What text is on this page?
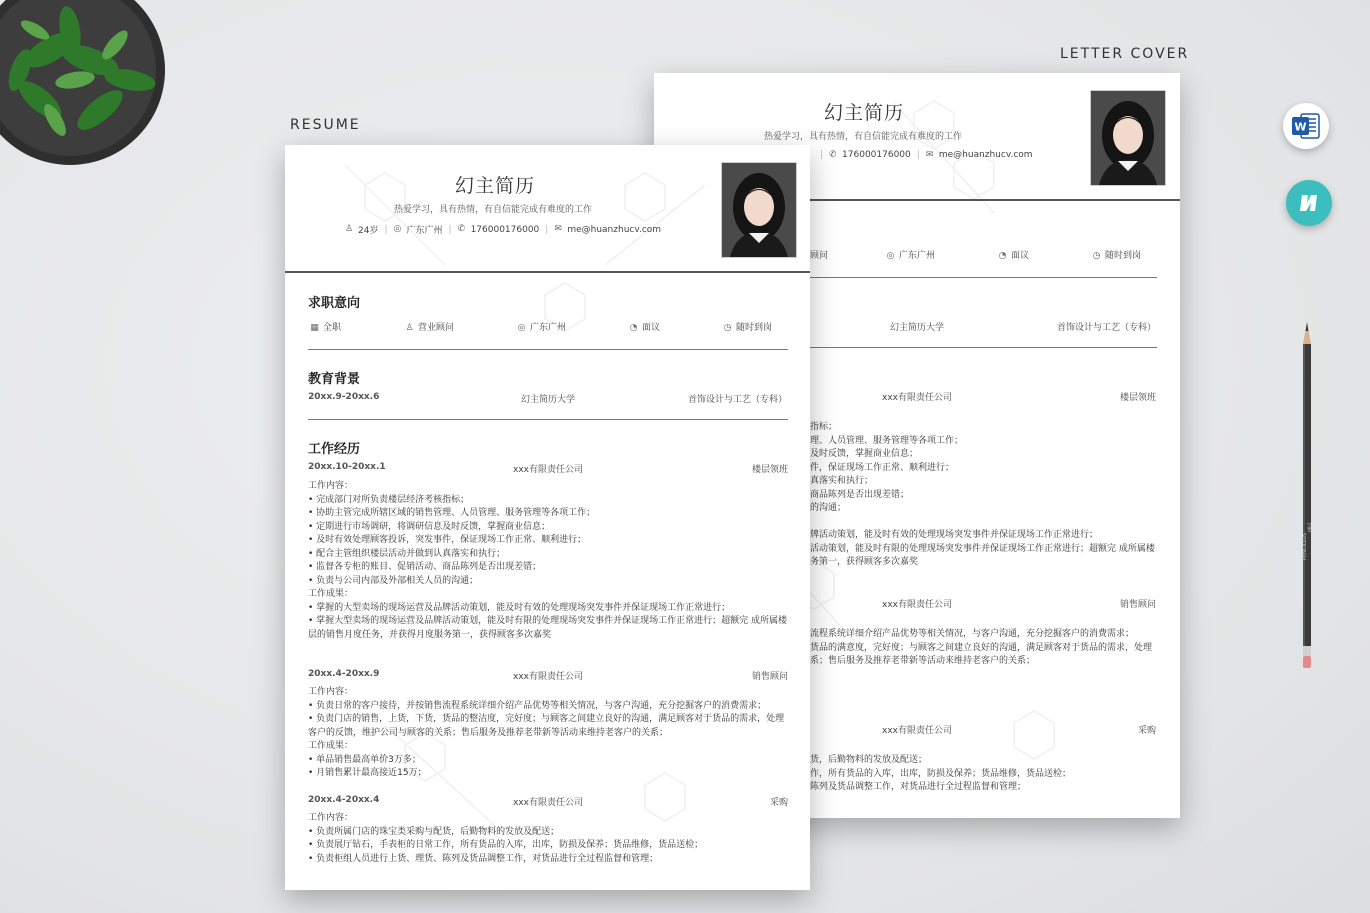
LETTER COVER
RESUME	W
PENCILLUS
HB·2
幻主简历
热爱学习，具有热情，有自信能完成有难度的工作
| ✆ 176000176000 | ✉ me@huanzhucv.com
顾问	◎ 广东广州	◔ 面议	◷ 随时到岗
幻主简历大学	首饰设计与工艺（专科）
xxx有限责任公司	楼层领班

指标；

理、人员管理、服务管理等各项工作；

及时反馈，掌握商业信息；

件，保证现场工作正常、顺利进行；

真落实和执行；

商品陈列是否出现差错；

的沟通；

牌活动策划，能及时有效的处理现场突发事件并保证现场工作正常进行；

活动策划，能及时有限的处理现场突发事件并保证现场工作正常进行；超额完 成所属楼

务第一，获得顾客多次嘉奖

xxx有限责任公司	销售顾问

流程系统详细介绍产品优势等相关情况，与客户沟通，充分挖掘客户的消费需求；

货品的满意度，完好度；与顾客之间建立良好的沟通，满足顾客对于货品的需求，处理

系；售后服务及推荐老带新等活动来维持老客户的关系；

xxx有限责任公司	采购

货，后勤物料的发放及配送；

作，所有货品的入库，出库，防损及保养；货品维修，货品送检；

陈列及货品调整工作，对货品进行全过程监督和管理；

幻主简历
热爱学习，具有热情，有自信能完成有难度的工作
♙ 24岁 | ◎ 广东广州 | ✆ 176000176000 | ✉ me@huanzhucv.com
求职意向
▦ 全职	♙ 营业顾问	◎ 广东广州	◔ 面议	◷ 随时到岗
教育背景
20xx.9-20xx.6	幻主简历大学	首饰设计与工艺（专科）
工作经历
20xx.10-20xx.1	xxx有限责任公司	楼层领班

工作内容：

• 完成部门对所负责楼层经济考核指标；

• 协助主管完成所辖区域的销售管理、人员管理、服务管理等各项工作；

• 定期进行市场调研，将调研信息及时反馈，掌握商业信息；

• 及时有效处理顾客投诉，突发事件，保证现场工作正常、顺利进行；

• 配合主管组织楼层活动并做到认真落实和执行；

• 监督各专柜的账目、促销活动、商品陈列是否出现差错；

• 负责与公司内部及外部相关人员的沟通；

工作成果：

• 掌握的大型卖场的现场运营及品牌活动策划，能及时有效的处理现场突发事件并保证现场工作正常进行；

• 掌握大型卖场的现场运营及品牌活动策划，能及时有限的处理现场突发事件并保证现场工作正常进行；超额完 成所属楼层的销售月度任务，并获得月度服务第一，获得顾客多次嘉奖

20xx.4-20xx.9	xxx有限责任公司	销售顾问

工作内容：

• 负责日常的客户接待，并按销售流程系统详细介绍产品优势等相关情况，与客户沟通，充分挖掘客户的消费需求；

• 负责门店的销售，上货，下货，货品的整洁度，完好度；与顾客之间建立良好的沟通，满足顾客对于货品的需求，处理客户的反馈，维护公司与顾客的关系；售后服务及推荐老带新等活动来维持老客户的关系；

工作成果：

• 单品销售最高单价3万多；

• 月销售累计最高接近15万；

20xx.4-20xx.4	xxx有限责任公司	采购

工作内容：

• 负责所属门店的珠宝类采购与配货，后勤物料的发放及配送；

• 负责展厅钻石，手表柜的日常工作，所有货品的入库，出库，防损及保养；货品维修，货品送检；

• 负责柜组人员进行上货、理货、陈列及货品调整工作，对货品进行全过程监督和管理；
